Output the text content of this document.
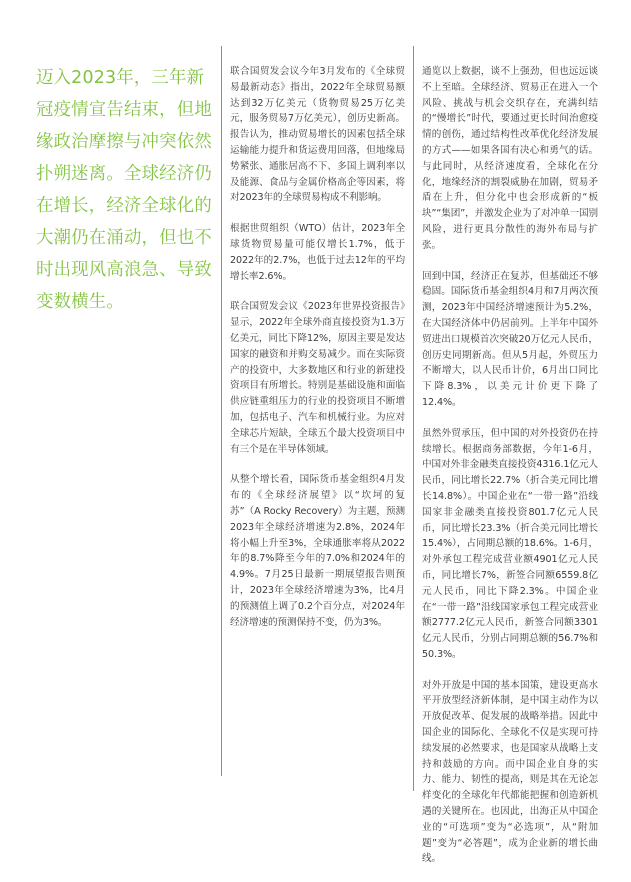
迈入2023年，三年新冠疫情宣告结束，但地缘政治摩擦与冲突依然扑朔迷离。全球经济仍在增长，经济全球化的大潮仍在涌动，但也不时出现风高浪急、导致变数横生。

联合国贸发会议今年3月发布的《全球贸易最新动态》指出，2022年全球贸易额达到32万亿美元（货物贸易25万亿美元，服务贸易7万亿美元），创历史新高。报告认为，推动贸易增长的因素包括全球运输能力提升和货运费用回落，但地缘局势紧张、通胀居高不下、多国上调利率以及能源、食品与金属价格高企等因素，将对2023年的全球贸易构成不利影响。

根据世贸组织（WTO）估计，2023年全球货物贸易量可能仅增长1.7%，低于2022年的2.7%，也低于过去12年的平均增长率2.6%。

联合国贸发会议《2023年世界投资报告》显示，2022年全球外商直接投资为1.3万亿美元，同比下降12%，原因主要是发达国家的融资和并购交易减少。而在实际资产的投资中，大多数地区和行业的新建投资项目有所增长。特别是基础设施和面临供应链重组压力的行业的投资项目不断增加，包括电子、汽车和机械行业。为应对全球芯片短缺，全球五个最大投资项目中有三个是在半导体领域。

从整个增长看，国际货币基金组织4月发布的《全球经济展望》以“坎坷的复苏”（A Rocky Recovery）为主题，预测2023年全球经济增速为2.8%，2024年将小幅上升至3%，全球通胀率将从2022年的8.7%降至今年的7.0%和2024年的4.9%。7月25日最新一期展望报告则预计，2023年全球经济增速为3%，比4月的预测值上调了0.2个百分点，对2024年经济增速的预测保持不变，仍为3%。

通览以上数据，谈不上强劲，但也远远谈不上至暗。全球经济、贸易正在进入一个风险、挑战与机会交织存在，充满纠结的“慢增长”时代，要通过更长时间治愈疫情的创伤，通过结构性改革优化经济发展的方式——如果各国有决心和勇气的话。与此同时，从经济速度看，全球化在分化，地缘经济的割裂威胁在加剧，贸易矛盾在上升，但分化中也会形成新的“板块”“集团”，并激发企业为了对冲单一国别风险，进行更具分散性的海外布局与扩张。

回到中国，经济正在复苏，但基础还不够稳固。国际货币基金组织4月和7月两次预测，2023年中国经济增速预计为5.2%，在大国经济体中仍居前列。上半年中国外贸进出口规模首次突破20万亿元人民币，创历史同期新高。但从5月起，外贸压力不断增大，以人民币计价，6月出口同比下降8.3%，以美元计价更下降了12.4%。

虽然外贸承压，但中国的对外投资仍在持续增长。根据商务部数据，今年1-6月，中国对外非金融类直接投资4316.1亿元人民币，同比增长22.7%（折合美元同比增长14.8%）。中国企业在“一带一路”沿线国家非金融类直接投资801.7亿元人民币，同比增长23.3%（折合美元同比增长15.4%），占同期总额的18.6%。1-6月，对外承包工程完成营业额4901亿元人民币，同比增长7%，新签合同额6559.8亿元人民币，同比下降2.3%。中国企业在“一带一路”沿线国家承包工程完成营业额2777.2亿元人民币，新签合同额3301亿元人民币，分别占同期总额的56.7%和50.3%。

对外开放是中国的基本国策，建设更高水平开放型经济新体制，是中国主动作为以开放促改革、促发展的战略举措。因此中国企业的国际化、全球化不仅是实现可持续发展的必然要求，也是国家从战略上支持和鼓励的方向。而中国企业自身的实力、能力、韧性的提高，则是其在无论怎样变化的全球化年代都能把握和创造新机遇的关键所在。也因此，出海正从中国企业的“可选项”变为“必选项”，从“附加题”变为“必答题”，成为企业新的增长曲线。
